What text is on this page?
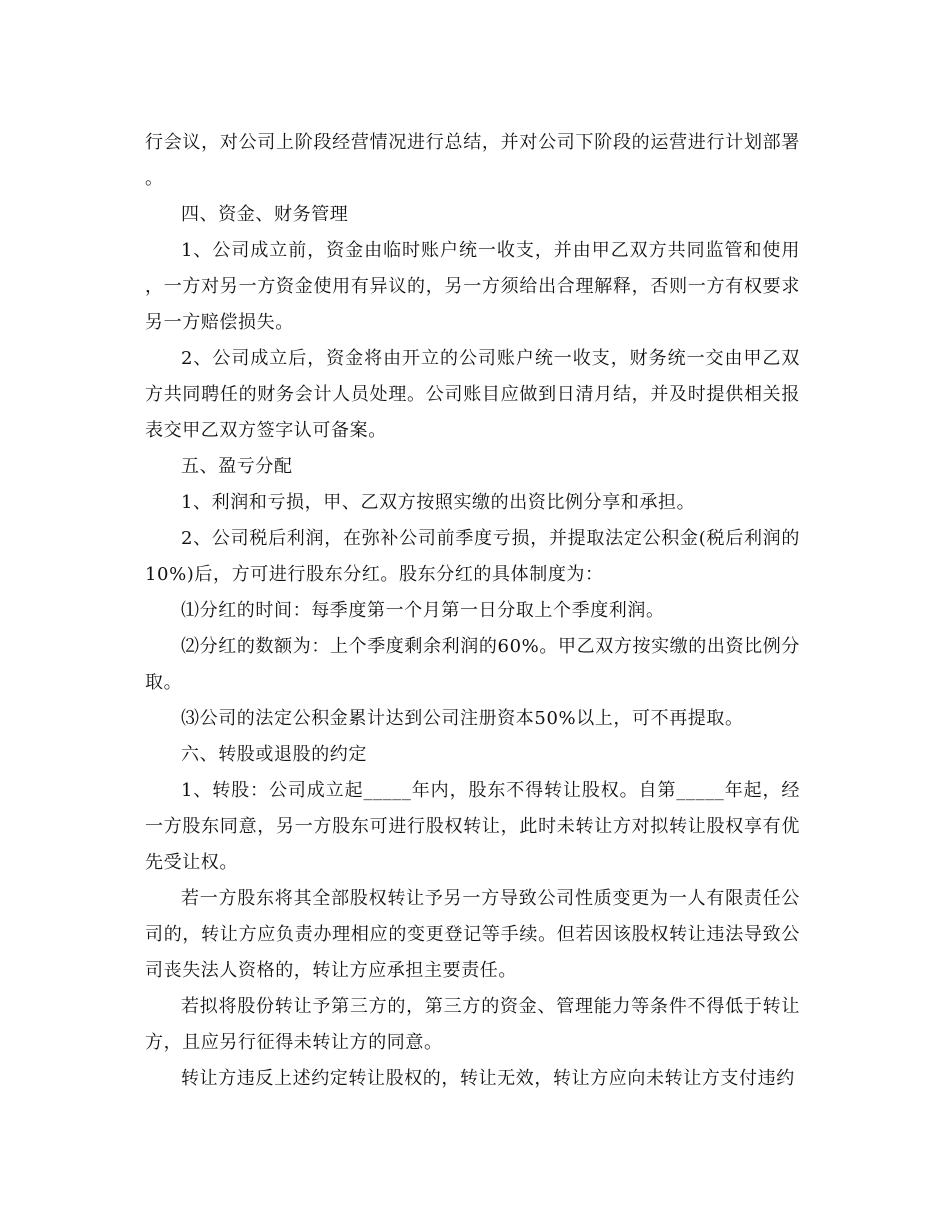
行会议，对公司上阶段经营情况进行总结，并对公司下阶段的运营进行计划部署。

四、资金、财务管理

1、公司成立前，资金由临时账户统一收支，并由甲乙双方共同监管和使用，一方对另一方资金使用有异议的，另一方须给出合理解释，否则一方有权要求另一方赔偿损失。

2、公司成立后，资金将由开立的公司账户统一收支，财务统一交由甲乙双方共同聘任的财务会计人员处理。公司账目应做到日清月结，并及时提供相关报表交甲乙双方签字认可备案。

五、盈亏分配

1、利润和亏损，甲、乙双方按照实缴的出资比例分享和承担。

2、公司税后利润，在弥补公司前季度亏损，并提取法定公积金(税后利润的10%)后，方可进行股东分红。股东分红的具体制度为：

⑴分红的时间：每季度第一个月第一日分取上个季度利润。

⑵分红的数额为：上个季度剩余利润的60%。甲乙双方按实缴的出资比例分取。

⑶公司的法定公积金累计达到公司注册资本50%以上，可不再提取。

六、转股或退股的约定

1、转股：公司成立起_____年内，股东不得转让股权。自第_____年起，经一方股东同意，另一方股东可进行股权转让，此时未转让方对拟转让股权享有优先受让权。

若一方股东将其全部股权转让予另一方导致公司性质变更为一人有限责任公司的，转让方应负责办理相应的变更登记等手续。但若因该股权转让违法导致公司丧失法人资格的，转让方应承担主要责任。

若拟将股份转让予第三方的，第三方的资金、管理能力等条件不得低于转让方，且应另行征得未转让方的同意。

转让方违反上述约定转让股权的，转让无效，转让方应向未转让方支付违约
